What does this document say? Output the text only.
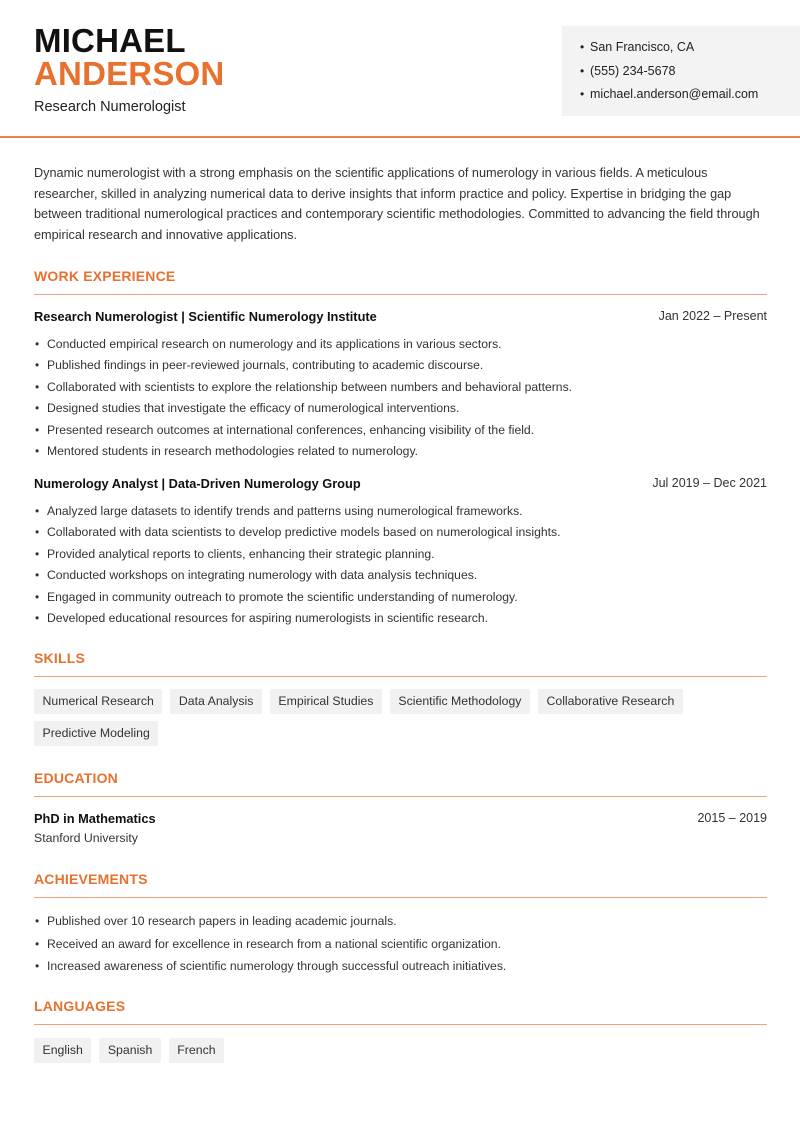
MICHAEL
ANDERSON
Research Numerologist
• San Francisco, CA
• (555) 234-5678
• michael.anderson@email.com

Dynamic numerologist with a strong emphasis on the scientific applications of numerology in various fields. A meticulous researcher, skilled in analyzing numerical data to derive insights that inform practice and policy. Expertise in bridging the gap between traditional numerological practices and contemporary scientific methodologies. Committed to advancing the field through empirical research and innovative applications.

WORK EXPERIENCE
Research Numerologist | Scientific Numerology Institute	Jan 2022 – Present
• Conducted empirical research on numerology and its applications in various sectors.
• Published findings in peer-reviewed journals, contributing to academic discourse.
• Collaborated with scientists to explore the relationship between numbers and behavioral patterns.
• Designed studies that investigate the efficacy of numerological interventions.
• Presented research outcomes at international conferences, enhancing visibility of the field.
• Mentored students in research methodologies related to numerology.
Numerology Analyst | Data-Driven Numerology Group	Jul 2019 – Dec 2021
• Analyzed large datasets to identify trends and patterns using numerological frameworks.
• Collaborated with data scientists to develop predictive models based on numerological insights.
• Provided analytical reports to clients, enhancing their strategic planning.
• Conducted workshops on integrating numerology with data analysis techniques.
• Engaged in community outreach to promote the scientific understanding of numerology.
• Developed educational resources for aspiring numerologists in scientific research.
SKILLS
Numerical Research	Data Analysis	Empirical Studies	Scientific Methodology	Collaborative Research
Predictive Modeling
EDUCATION
PhD in Mathematics	2015 – 2019
Stanford University
ACHIEVEMENTS
• Published over 10 research papers in leading academic journals.
• Received an award for excellence in research from a national scientific organization.
• Increased awareness of scientific numerology through successful outreach initiatives.
LANGUAGES
English	Spanish	French
